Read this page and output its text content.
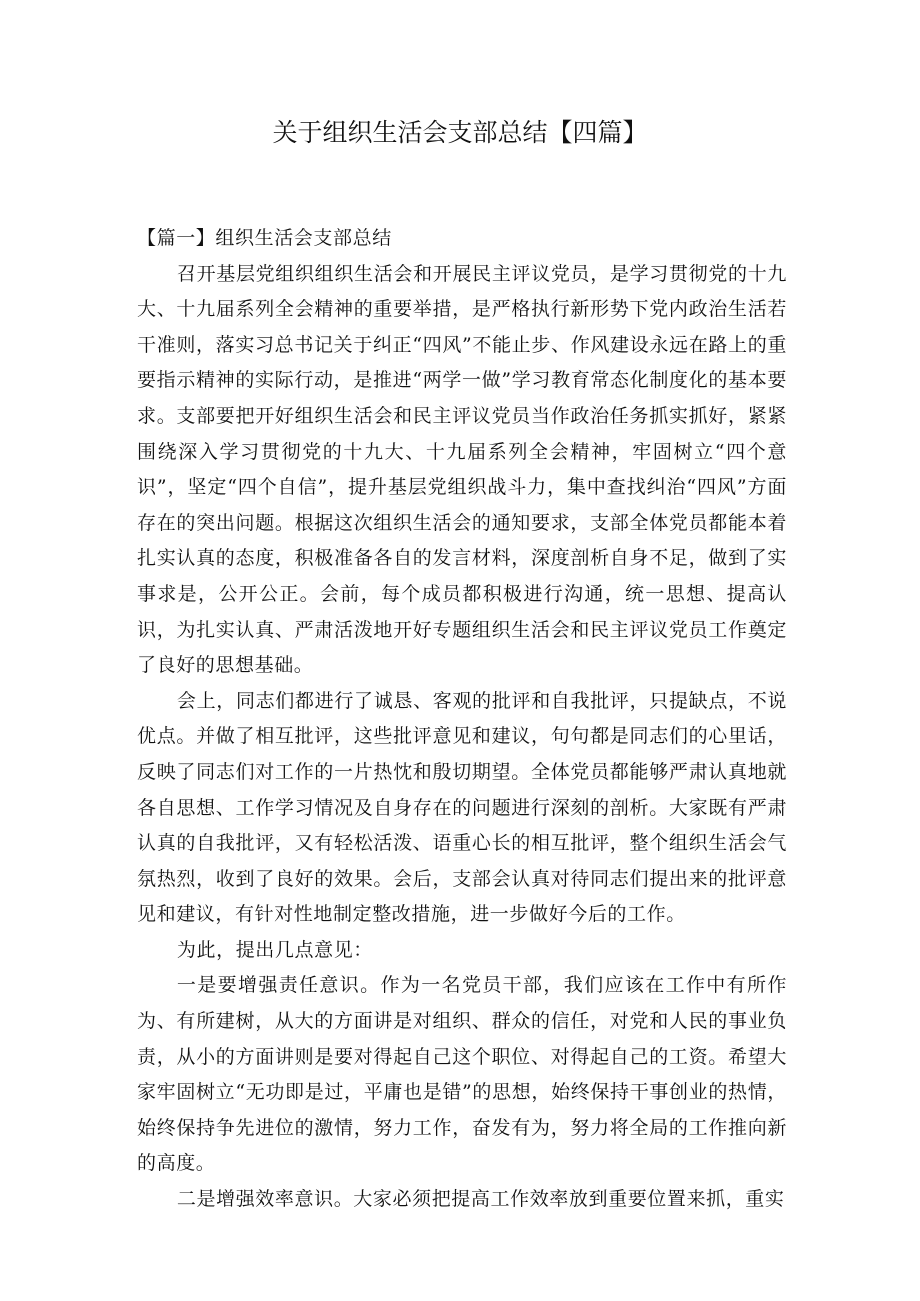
关于组织生活会支部总结【四篇】

【篇一】组织生活会支部总结

召开基层党组织组织生活会和开展民主评议党员，是学习贯彻党的十九大、十九届系列全会精神的重要举措，是严格执行新形势下党内政治生活若干准则，落实习总书记关于纠正“四风”不能止步、作风建设永远在路上的重要指示精神的实际行动，是推进“两学一做”学习教育常态化制度化的基本要求。支部要把开好组织生活会和民主评议党员当作政治任务抓实抓好，紧紧围绕深入学习贯彻党的十九大、十九届系列全会精神，牢固树立“四个意识”，坚定“四个自信”，提升基层党组织战斗力，集中查找纠治“四风”方面存在的突出问题。根据这次组织生活会的通知要求，支部全体党员都能本着扎实认真的态度，积极准备各自的发言材料，深度剖析自身不足，做到了实事求是，公开公正。会前，每个成员都积极进行沟通，统一思想、提高认识，为扎实认真、严肃活泼地开好专题组织生活会和民主评议党员工作奠定了良好的思想基础。

会上，同志们都进行了诚恳、客观的批评和自我批评，只提缺点，不说优点。并做了相互批评，这些批评意见和建议，句句都是同志们的心里话，反映了同志们对工作的一片热忱和殷切期望。全体党员都能够严肃认真地就各自思想、工作学习情况及自身存在的问题进行深刻的剖析。大家既有严肃认真的自我批评，又有轻松活泼、语重心长的相互批评，整个组织生活会气氛热烈，收到了良好的效果。会后，支部会认真对待同志们提出来的批评意见和建议，有针对性地制定整改措施，进一步做好今后的工作。

为此，提出几点意见：

一是要增强责任意识。作为一名党员干部，我们应该在工作中有所作为、有所建树，从大的方面讲是对组织、群众的信任，对党和人民的事业负责，从小的方面讲则是要对得起自己这个职位、对得起自己的工资。希望大家牢固树立“无功即是过，平庸也是错”的思想，始终保持干事创业的热情，始终保持争先进位的激情，努力工作，奋发有为，努力将全局的工作推向新的高度。

二是增强效率意识。大家必须把提高工作效率放到重要位置来抓，重实
